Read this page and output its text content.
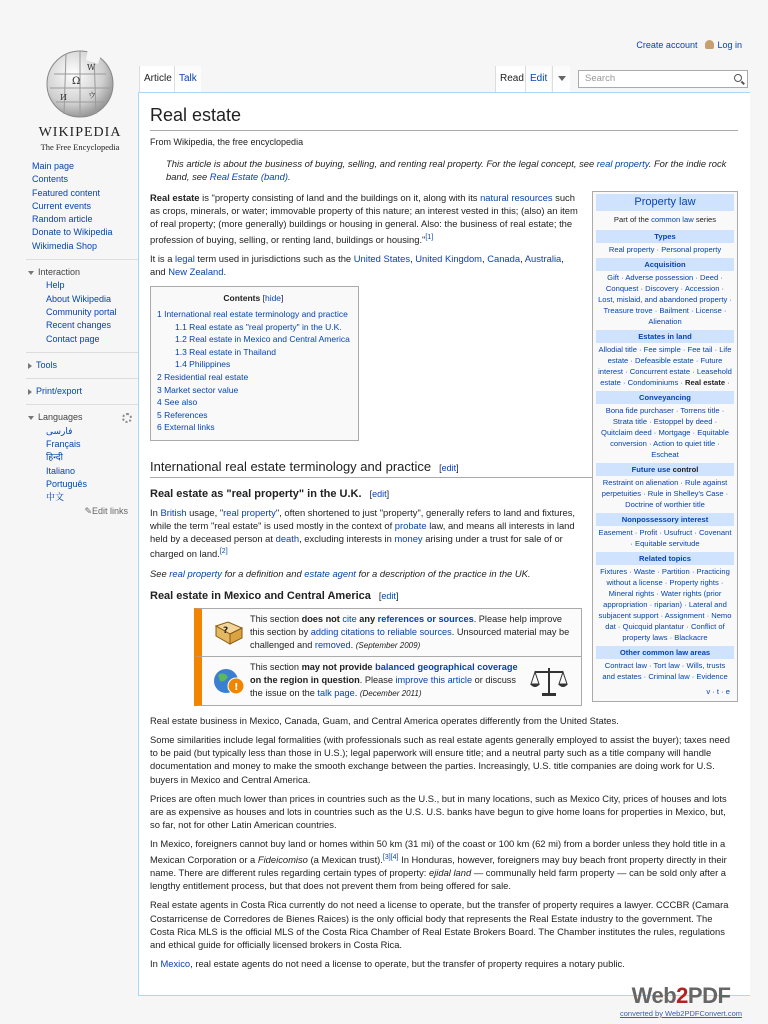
Create account	Log in
Ω
W
И	ウ
WIKIPEDIA
The Free Encyclopedia
Main page
Contents
Featured content
Current events
Random article
Donate to Wikipedia
Wikimedia Shop
Interaction
Help
About Wikipedia
Community portal
Recent changes
Contact page
Tools
Print/export
Languages
فارسی
Français
हिन्दी
Italiano
Português
中文
✎Edit links
Article Talk	Read Edit	Search
Real estate
From Wikipedia, the free encyclopedia
This article is about the business of buying, selling, and renting real property. For the legal concept, see real property. For the indie rock band, see Real Estate (band).
Property law
Part of the common law series
Types
Real property · Personal property
Acquisition
Gift · Adverse possession · Deed · Conquest · Discovery · Accession · Lost, mislaid, and abandoned property · Treasure trove · Bailment · License · Alienation
Estates in land
Allodial title · Fee simple · Fee tail · Life estate · Defeasible estate · Future interest · Concurrent estate · Leasehold estate · Condominiums · Real estate ·
Conveyancing
Bona fide purchaser · Torrens title · Strata title · Estoppel by deed · Quitclaim deed · Mortgage · Equitable conversion · Action to quiet title · Escheat
Future use control
Restraint on alienation · Rule against perpetuities · Rule in Shelley's Case · Doctrine of worthier title
Nonpossessory interest
Easement · Profit · Usufruct · Covenant · Equitable servitude
Related topics
Fixtures · Waste · Partition · Practicing without a license · Property rights · Mineral rights · Water rights (prior appropriation · riparian) · Lateral and subjacent support · Assignment · Nemo dat · Quicquid plantatur · Conflict of property laws · Blackacre
Other common law areas
Contract law · Tort law · Wills, trusts and estates · Criminal law · Evidence
v · t · e

Real estate is "property consisting of land and the buildings on it, along with its natural resources such as crops, minerals, or water; immovable property of this nature; an interest vested in this; (also) an item of real property; (more generally) buildings or housing in general. Also: the business of real estate; the profession of buying, selling, or renting land, buildings or housing."[1]

It is a legal term used in jurisdictions such as the United States, United Kingdom, Canada, Australia, and New Zealand.

Contents [hide]
1 International real estate terminology and practice
1.1 Real estate as "real property" in the U.K.
1.2 Real estate in Mexico and Central America
1.3 Real estate in Thailand
1.4 Philippines
2 Residential real estate
3 Market sector value
4 See also
5 References
6 External links
International real estate terminology and practice [edit]
Real estate as "real property" in the U.K. [edit]

In British usage, "real property", often shortened to just "property", generally refers to land and fixtures, while the term "real estate" is used mostly in the context of probate law, and means all interests in land held by a deceased person at death, excluding interests in money arising under a trust for sale of or charged on land.[2]

See real property for a definition and estate agent for a description of the practice in the UK.

Real estate in Mexico and Central America [edit]
?
This section does not cite any references or sources. Please help improve this section by adding citations to reliable sources. Unsourced material may be challenged and removed. (September 2009)
!
This section may not provide balanced geographical coverage on the region in question. Please improve this article or discuss the issue on the talk page. (December 2011)

Real estate business in Mexico, Canada, Guam, and Central America operates differently from the United States.

Some similarities include legal formalities (with professionals such as real estate agents generally employed to assist the buyer); taxes need to be paid (but typically less than those in U.S.); legal paperwork will ensure title; and a neutral party such as a title company will handle documentation and money to make the smooth exchange between the parties. Increasingly, U.S. title companies are doing work for U.S. buyers in Mexico and Central America.

Prices are often much lower than prices in countries such as the U.S., but in many locations, such as Mexico City, prices of houses and lots are as expensive as houses and lots in countries such as the U.S. U.S. banks have begun to give home loans for properties in Mexico, but, so far, not for other Latin American countries.

In Mexico, foreigners cannot buy land or homes within 50 km (31 mi) of the coast or 100 km (62 mi) from a border unless they hold title in a Mexican Corporation or a Fideicomiso (a Mexican trust).[3][4] In Honduras, however, foreigners may buy beach front property directly in their name. There are different rules regarding certain types of property: ejidal land — communally held farm property — can be sold only after a lengthy entitlement process, but that does not prevent them from being offered for sale.

Real estate agents in Costa Rica currently do not need a license to operate, but the transfer of property requires a lawyer. CCCBR (Camara Costarricense de Corredores de Bienes Raices) is the only official body that represents the Real Estate industry to the government. The Costa Rica MLS is the official MLS of the Costa Rica Chamber of Real Estate Brokers Board. The Chamber institutes the rules, regulations and ethical guide for officially licensed brokers in Costa Rica.

In Mexico, real estate agents do not need a license to operate, but the transfer of property requires a notary public.

Web2PDF
converted by Web2PDFConvert.com
